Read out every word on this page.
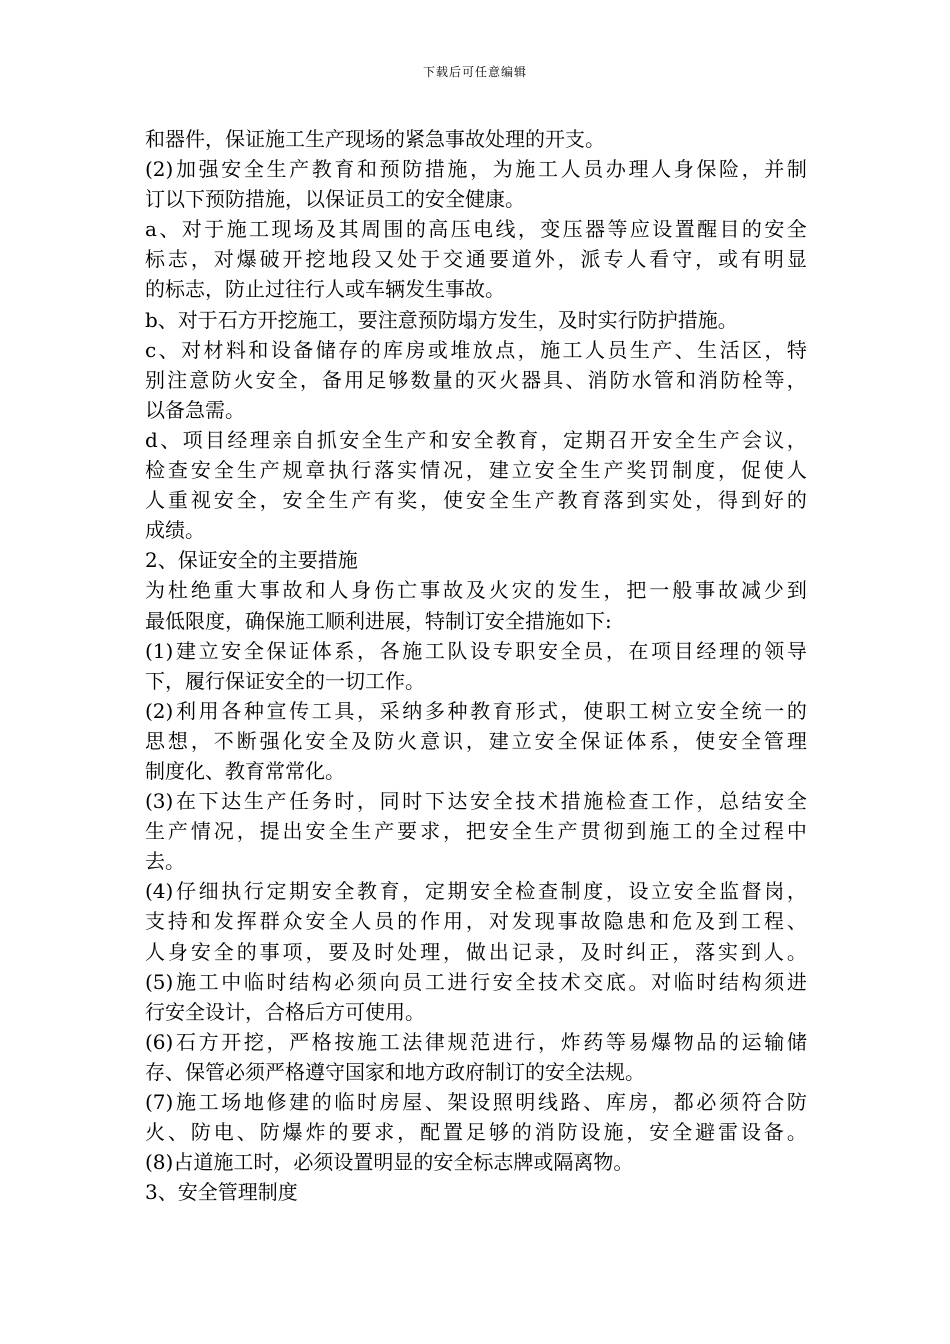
下载后可任意编辑
和器件，保证施工生产现场的紧急事故处理的开支。
(2) 加 强 安 全 生 产 教 育 和 预 防 措 施 ， 为 施 工 人 员 办 理 人 身 保 险 ， 并 制
订以下预防措施，以保证员工的安全健康。
a 、 对 于 施 工 现 场 及 其 周 围 的 高 压 电 线 ， 变 压 器 等 应 设 置 醒 目 的 安 全
标 志 ， 对 爆 破 开 挖 地 段 又 处 于 交 通 要 道 外 ， 派 专 人 看 守 ， 或 有 明 显
的标志，防止过往行人或车辆发生事故。
b、对于石方开挖施工，要注意预防塌方发生，及时实行防护措施。
c 、 对 材 料 和 设 备 储 存 的 库 房 或 堆 放 点 ， 施 工 人 员 生 产 、 生 活 区 ， 特
别 注 意 防 火 安 全 ， 备 用 足 够 数 量 的 灭 火 器 具 、 消 防 水 管 和 消 防 栓 等 ，
以备急需。
d 、 项 目 经 理 亲 自 抓 安 全 生 产 和 安 全 教 育 ， 定 期 召 开 安 全 生 产 会 议 ，
检 查 安 全 生 产 规 章 执 行 落 实 情 况 ， 建 立 安 全 生 产 奖 罚 制 度 ， 促 使 人
人 重 视 安 全 ， 安 全 生 产 有 奖 ， 使 安 全 生 产 教 育 落 到 实 处 ， 得 到 好 的
成绩。
2、保证安全的主要措施
为 杜 绝 重 大 事 故 和 人 身 伤 亡 事 故 及 火 灾 的 发 生 ， 把 一 般 事 故 减 少 到
最低限度，确保施工顺利进展，特制订安全措施如下:
(1) 建 立 安 全 保 证 体 系 ， 各 施 工 队 设 专 职 安 全 员 ， 在 项 目 经 理 的 领 导
下，履行保证安全的一切工作。
(2) 利 用 各 种 宣 传 工 具 ， 采 纳 多 种 教 育 形 式 ， 使 职 工 树 立 安 全 统 一 的
思 想 ， 不 断 强 化 安 全 及 防 火 意 识 ， 建 立 安 全 保 证 体 系 ， 使 安 全 管 理
制度化、教育常常化。
(3) 在 下 达 生 产 任 务 时 ， 同 时 下 达 安 全 技 术 措 施 检 查 工 作 ， 总 结 安 全
生 产 情 况 ， 提 出 安 全 生 产 要 求 ， 把 安 全 生 产 贯 彻 到 施 工 的 全 过 程 中
去。
(4) 仔 细 执 行 定 期 安 全 教 育 ， 定 期 安 全 检 查 制 度 ， 设 立 安 全 监 督 岗 ，
支 持 和 发 挥 群 众 安 全 人 员 的 作 用 ， 对 发 现 事 故 隐 患 和 危 及 到 工 程 、
人 身 安 全 的 事 项 ， 要 及 时 处 理 ， 做 出 记 录 ， 及 时 纠 正 ， 落 实 到 人 。
(5) 施 工 中 临 时 结 构 必 须 向 员 工 进 行 安 全 技 术 交 底 。 对 临 时 结 构 须 进
行安全设计，合格后方可使用。
(6) 石 方 开 挖 ， 严 格 按 施 工 法 律 规 范 进 行 ， 炸 药 等 易 爆 物 品 的 运 输 储
存、保管必须严格遵守国家和地方政府制订的安全法规。
(7) 施 工 场 地 修 建 的 临 时 房 屋 、 架 设 照 明 线 路 、 库 房 ， 都 必 须 符 合 防
火 、 防 电 、 防 爆 炸 的 要 求 ， 配 置 足 够 的 消 防 设 施 ， 安 全 避 雷 设 备 。
(8)占道施工时，必须设置明显的安全标志牌或隔离物。
3、安全管理制度
